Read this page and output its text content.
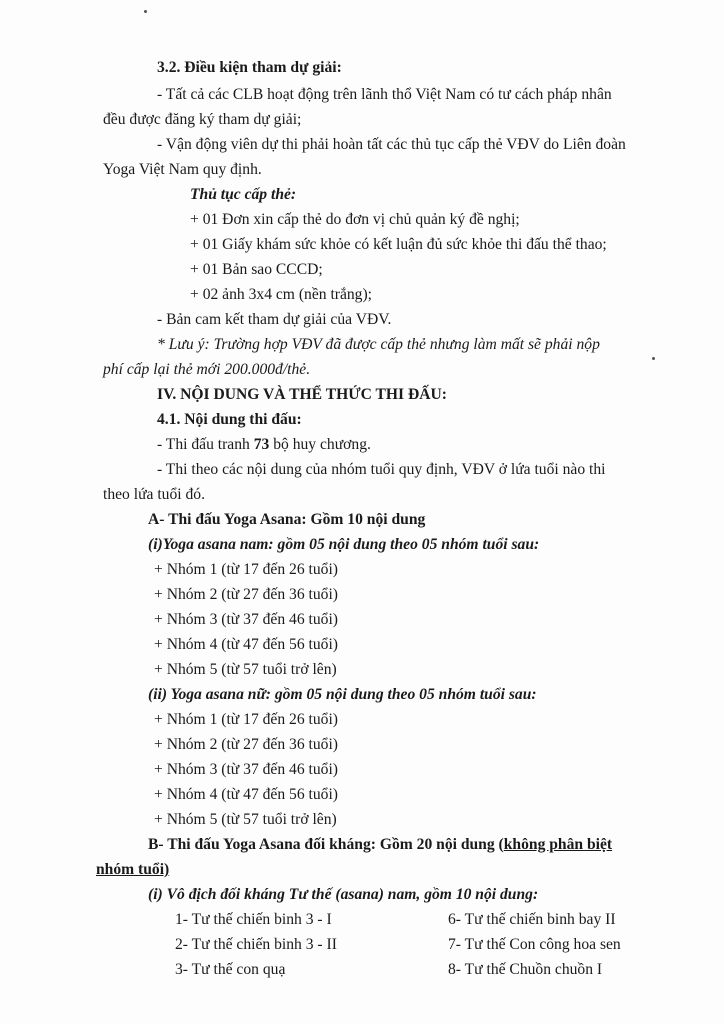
3.2. Điều kiện tham dự giải:
- Tất cả các CLB hoạt động trên lãnh thổ Việt Nam có tư cách pháp nhân
đều được đăng ký tham dự giải;
- Vận động viên dự thi phải hoàn tất các thủ tục cấp thẻ VĐV do Liên đoàn
Yoga Việt Nam quy định.
Thủ tục cấp thẻ:
+ 01 Đơn xin cấp thẻ do đơn vị chủ quản ký đề nghị;
+ 01 Giấy khám sức khỏe có kết luận đủ sức khỏe thi đấu thể thao;
+ 01 Bản sao CCCD;
+ 02 ảnh 3x4 cm (nền trắng);
- Bản cam kết tham dự giải của VĐV.
* Lưu ý: Trường hợp VĐV đã được cấp thẻ nhưng làm mất sẽ phải nộp
phí cấp lại thẻ mới 200.000đ/thẻ.
IV. NỘI DUNG VÀ THỂ THỨC THI ĐẤU:
4.1. Nội dung thi đấu:
- Thi đấu tranh 73 bộ huy chương.
- Thi theo các nội dung của nhóm tuổi quy định, VĐV ở lứa tuổi nào thi
theo lứa tuổi đó.
A- Thi đấu Yoga Asana: Gồm 10 nội dung
(i)Yoga asana nam: gồm 05 nội dung theo 05 nhóm tuổi sau:
+ Nhóm 1 (từ 17 đến 26 tuổi)
+ Nhóm 2 (từ 27 đến 36 tuổi)
+ Nhóm 3 (từ 37 đến 46 tuổi)
+ Nhóm 4 (từ 47 đến 56 tuổi)
+ Nhóm 5 (từ 57 tuổi trở lên)
(ii) Yoga asana nữ: gồm 05 nội dung theo 05 nhóm tuổi sau:
+ Nhóm 1 (từ 17 đến 26 tuổi)
+ Nhóm 2 (từ 27 đến 36 tuổi)
+ Nhóm 3 (từ 37 đến 46 tuổi)
+ Nhóm 4 (từ 47 đến 56 tuổi)
+ Nhóm 5 (từ 57 tuổi trở lên)
B- Thi đấu Yoga Asana đối kháng: Gồm 20 nội dung (không phân biệt
nhóm tuổi)
(i) Vô địch đối kháng Tư thế (asana) nam, gồm 10 nội dung:
1- Tư thế chiến binh 3 - I
2- Tư thế chiến binh 3 - II
3- Tư thế con quạ
6- Tư thế chiến binh bay II
7- Tư thế Con công hoa sen
8- Tư thế Chuồn chuồn I
